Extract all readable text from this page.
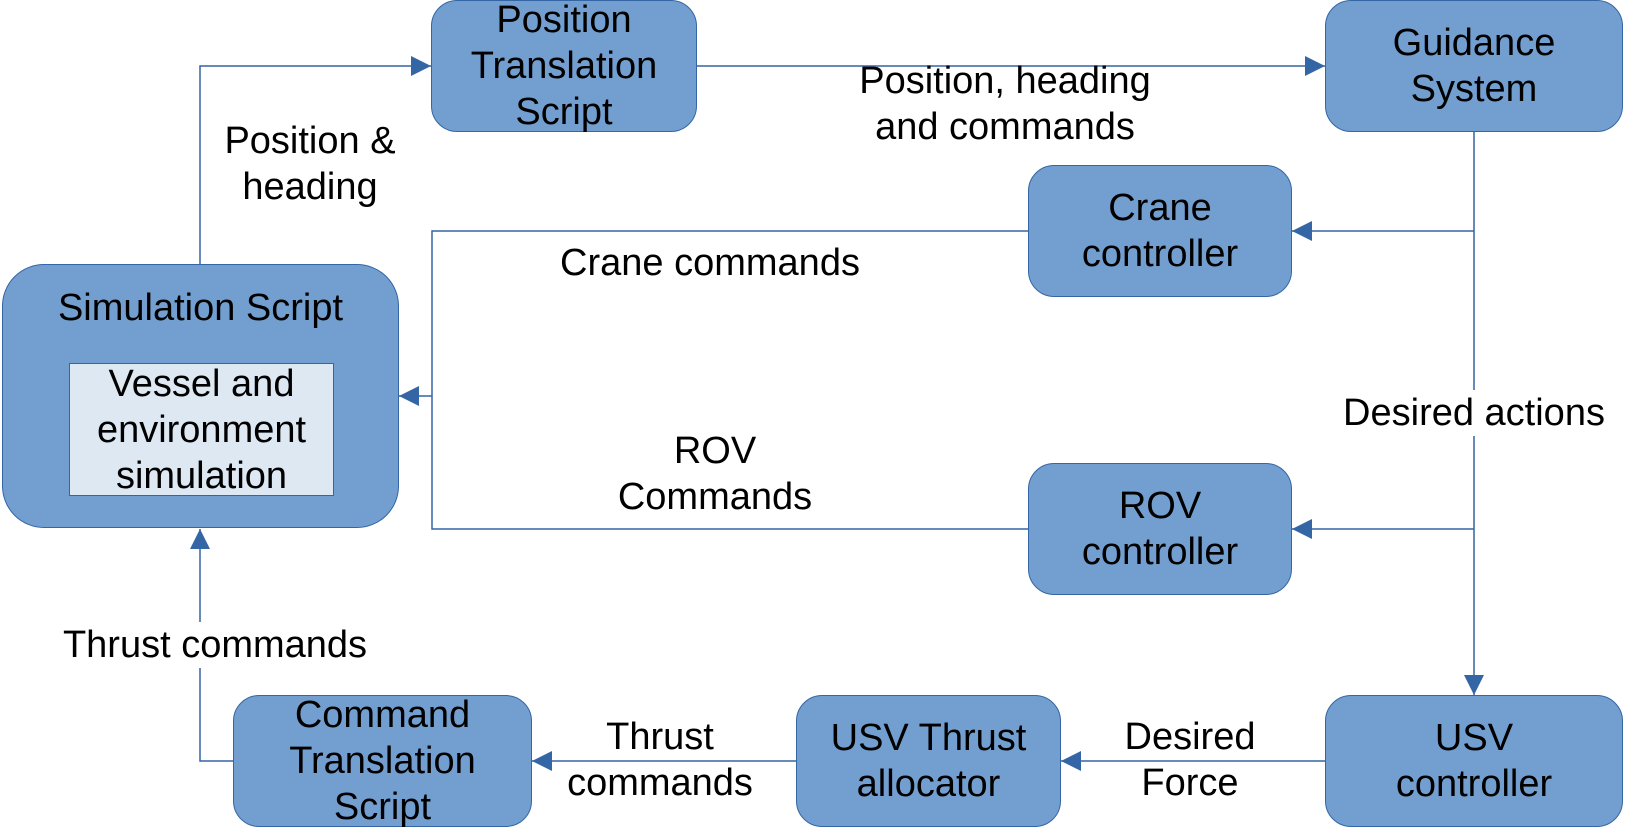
Simulation Script
Vessel and
environment
simulation
Position
Translation
Script
Guidance
System
Crane
controller
ROV
controller
USV
controller
USV Thrust
allocator
Command
Translation
Script
Position &
heading
Position, heading
and commands
Crane commands
Desired actions
ROV
Commands
Thrust commands
Thrust
commands
Desired
Force
